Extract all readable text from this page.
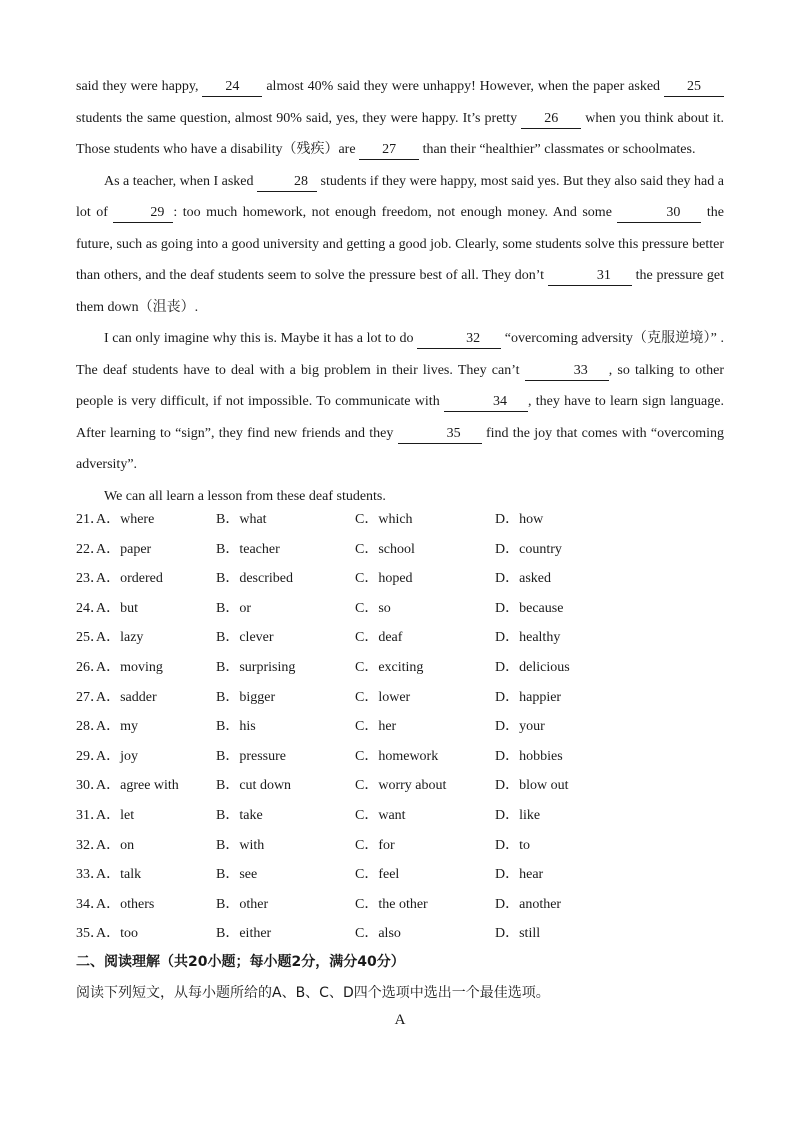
said they were happy, 24 almost 40% said they were unhappy! However, when the paper asked 25 students the same question, almost 90% said, yes, they were happy. It’s pretty 26 when you think about it. Those students who have a disability（残疾）are 27 than their “healthier” classmates or schoolmates.

As a teacher, when I asked	28 students if they were happy, most said yes. But they also said they had a lot of	29 : too much homework, not enough freedom, not enough money. And some	30 the future, such as going into a good university and getting a good job. Clearly, some students solve this pressure better than others, and the deaf students seem to solve the pressure best of all. They don’t	31 the pressure get them down（沮丧）.

I can only imagine why this is. Maybe it has a lot to do	32 “overcoming adversity（克服逆境）” . The deaf students have to deal with a big problem in their lives. They can’t	33 , so talking to other people is very difficult, if not impossible. To communicate with	34 , they have to learn sign language. After learning to “sign”, they find new friends and they	35 find the joy that comes with “overcoming adversity”.

We can all learn a lesson from these deaf students.

21．
A．where	B．what	C．which	D．how
22．
A．paper	B．teacher	C．school	D．country
23．
A．ordered	B．described	C．hoped	D．asked
24．
A．but	B．or	C．so	D．because
25．
A．lazy	B．clever	C．deaf	D．healthy
26．
A．moving	B．surprising	C．exciting	D．delicious
27．
A．sadder	B．bigger	C．lower	D．happier
28．
A．my	B．his	C．her	D．your
29．
A．joy	B．pressure	C．homework	D．hobbies
30．
A．agree with	B．cut down	C．worry about	D．blow out
31．
A．let	B．take	C．want	D．like
32．
A．on	B．with	C．for	D．to
33．
A．talk	B．see	C．feel	D．hear
34．
A．others	B．other	C．the other	D．another
35．
A．too	B．either	C．also	D．still
二、阅读理解（共20小题；每小题2分，满分40分）
阅读下列短文，从每小题所给的A、B、C、D四个选项中选出一个最佳选项。
A
